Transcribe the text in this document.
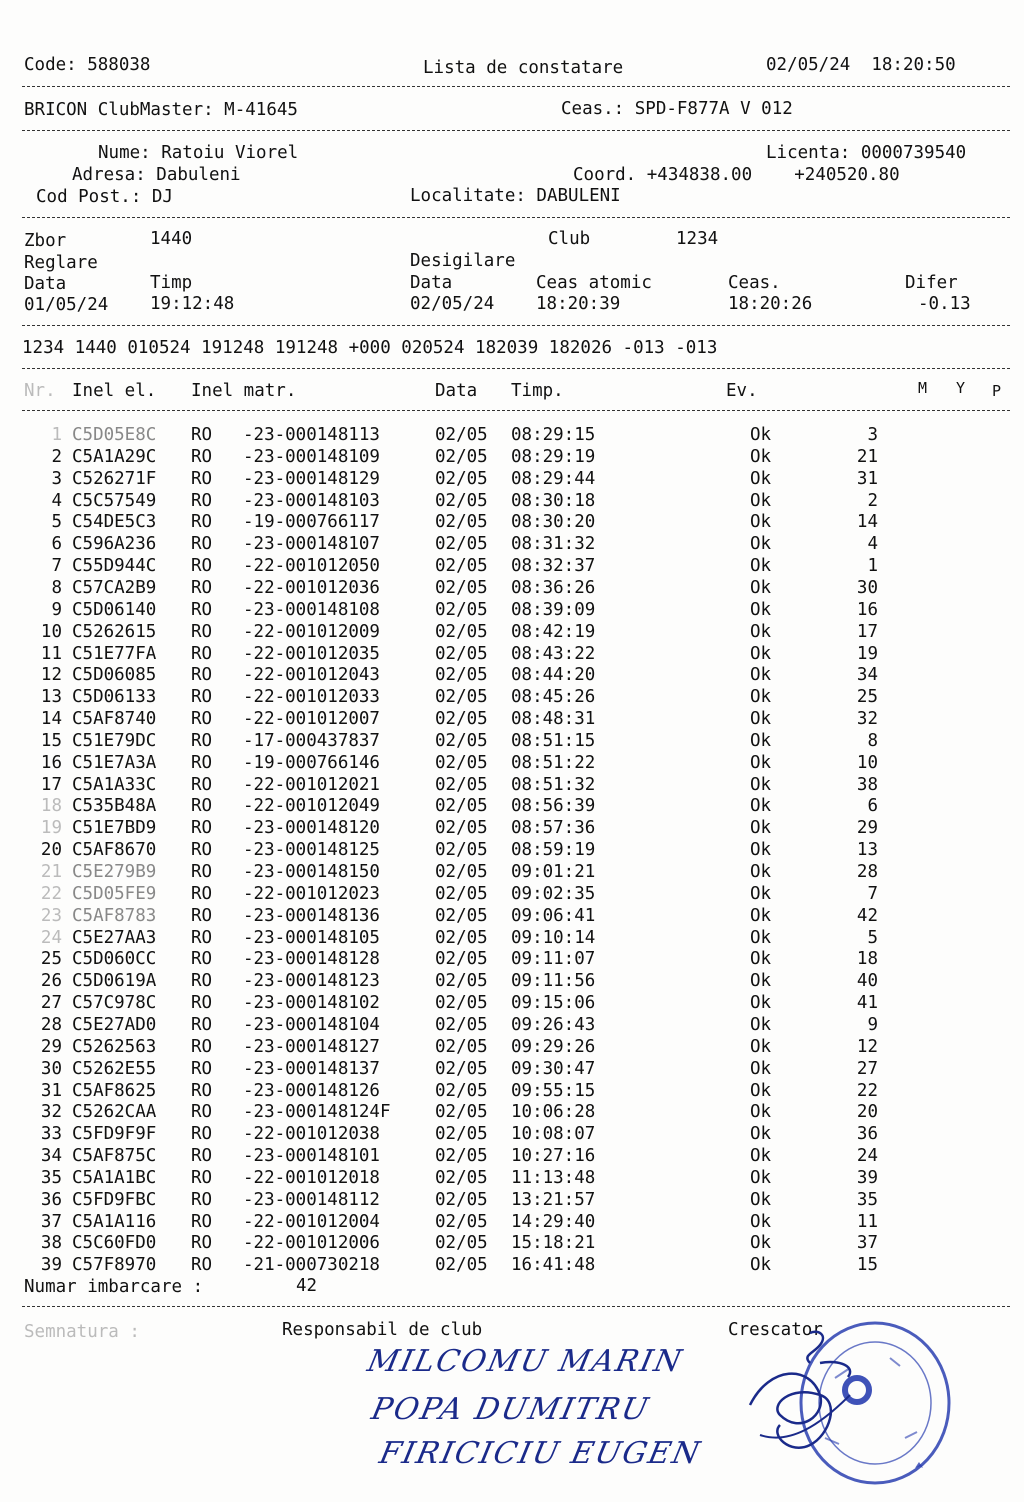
Code: 588038	Lista de constatare	02/05/24  18:20:50
BRICON ClubMaster: M-41645	Ceas.: SPD-F877A V 012
Nume: Ratoiu Viorel	Licenta: 0000739540
Adresa: Dabuleni	Coord. +434838.00    +240520.80
Cod Post.: DJ	Localitate: DABULENI
Zbor	1440	Club	1234
Reglare	Desigilare
Data	Timp	Data	Ceas atomic	Ceas.	Difer
01/05/24 19:12:48	02/05/24 18:20:39	18:20:26	-0.13
1234 1440 010524 191248 191248 +000 020524 182039 182026 -013 -013
Nr. Inel el. Inel matr.	Data Timp.	Ev.	M Y P
1 C5D05E8C RO -23-000148113	02/05 08:29:15	Ok	3
2 C5A1A29C RO -23-000148109	02/05 08:29:19	Ok	21
3 C526271F RO -23-000148129	02/05 08:29:44	Ok	31
4 C5C57549 RO -23-000148103	02/05 08:30:18	Ok	2
5 C54DE5C3 RO -19-000766117	02/05 08:30:20	Ok	14
6 C596A236 RO -23-000148107	02/05 08:31:32	Ok	4
7 C55D944C RO -22-001012050	02/05 08:32:37	Ok	1
8 C57CA2B9 RO -22-001012036	02/05 08:36:26	Ok	30
9 C5D06140 RO -23-000148108	02/05 08:39:09	Ok	16
10 C5262615 RO -22-001012009	02/05 08:42:19	Ok	17
11 C51E77FA RO -22-001012035	02/05 08:43:22	Ok	19
12 C5D06085 RO -22-001012043	02/05 08:44:20	Ok	34
13 C5D06133 RO -22-001012033	02/05 08:45:26	Ok	25
14 C5AF8740 RO -22-001012007	02/05 08:48:31	Ok	32
15 C51E79DC RO -17-000437837	02/05 08:51:15	Ok	8
16 C51E7A3A RO -19-000766146	02/05 08:51:22	Ok	10
17 C5A1A33C RO -22-001012021	02/05 08:51:32	Ok	38
18 C535B48A RO -22-001012049	02/05 08:56:39	Ok	6
19 C51E7BD9 RO -23-000148120	02/05 08:57:36	Ok	29
20 C5AF8670 RO -23-000148125	02/05 08:59:19	Ok	13
21 C5E279B9 RO -23-000148150	02/05 09:01:21	Ok	28
22 C5D05FE9 RO -22-001012023	02/05 09:02:35	Ok	7
23 C5AF8783 RO -23-000148136	02/05 09:06:41	Ok	42
24 C5E27AA3 RO -23-000148105	02/05 09:10:14	Ok	5
25 C5D060CC RO -23-000148128	02/05 09:11:07	Ok	18
26 C5D0619A RO -23-000148123	02/05 09:11:56	Ok	40
27 C57C978C RO -23-000148102	02/05 09:15:06	Ok	41
28 C5E27AD0 RO -23-000148104	02/05 09:26:43	Ok	9
29 C5262563 RO -23-000148127	02/05 09:29:26	Ok	12
30 C5262E55 RO -23-000148137	02/05 09:30:47	Ok	27
31 C5AF8625 RO -23-000148126	02/05 09:55:15	Ok	22
32 C5262CAA RO -23-000148124F	02/05 10:06:28	Ok	20
33 C5FD9F9F RO -22-001012038	02/05 10:08:07	Ok	36
34 C5AF875C RO -23-000148101	02/05 10:27:16	Ok	24
35 C5A1A1BC RO -22-001012018	02/05 11:13:48	Ok	39
36 C5FD9FBC RO -23-000148112	02/05 13:21:57	Ok	35
37 C5A1A116 RO -22-001012004	02/05 14:29:40	Ok	11
38 C5C60FD0 RO -22-001012006	02/05 15:18:21	Ok	37
39 C57F8970 RO -21-000730218	02/05 16:41:48	Ok	15
Numar imbarcare :	42
Semnatura :	Responsabil de club	Crescator
MILCOMU MARIN
POPA DUMITRU
FIRICICIU EUGEN
